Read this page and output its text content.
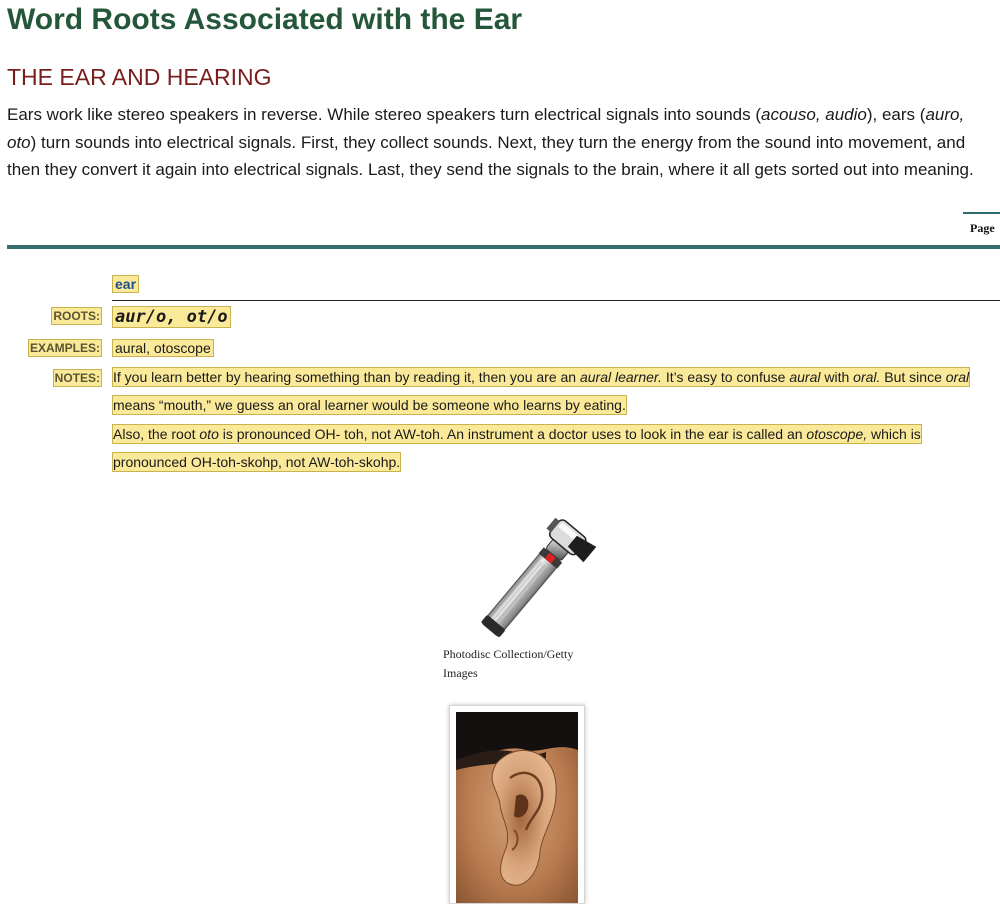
Word Roots Associated with the Ear
THE EAR AND HEARING

Ears work like stereo speakers in reverse. While stereo speakers turn electrical signals into sounds (acouso, audio), ears (auro, oto) turn sounds into electrical signals. First, they collect sounds. Next, they turn the energy from the sound into movement, and then they convert it again into electrical signals. Last, they send the signals to the brain, where it all gets sorted out into meaning.

Page
ear
ROOTS: aur/o, ot/o
EXAMPLES: aural, otoscope
NOTES: If you learn better by hearing something than by reading it, then you are an aural learner. It’s easy to confuse aural with oral. But since oral means “mouth,” we guess an oral learner would be someone who learns by eating.

Also, the root oto is pronounced OH- toh, not AW-toh. An instrument a doctor uses to look in the ear is called an otoscope, which is pronounced OH-toh-skohp, not AW-toh-skohp.

Photodisc Collection/Getty Images
